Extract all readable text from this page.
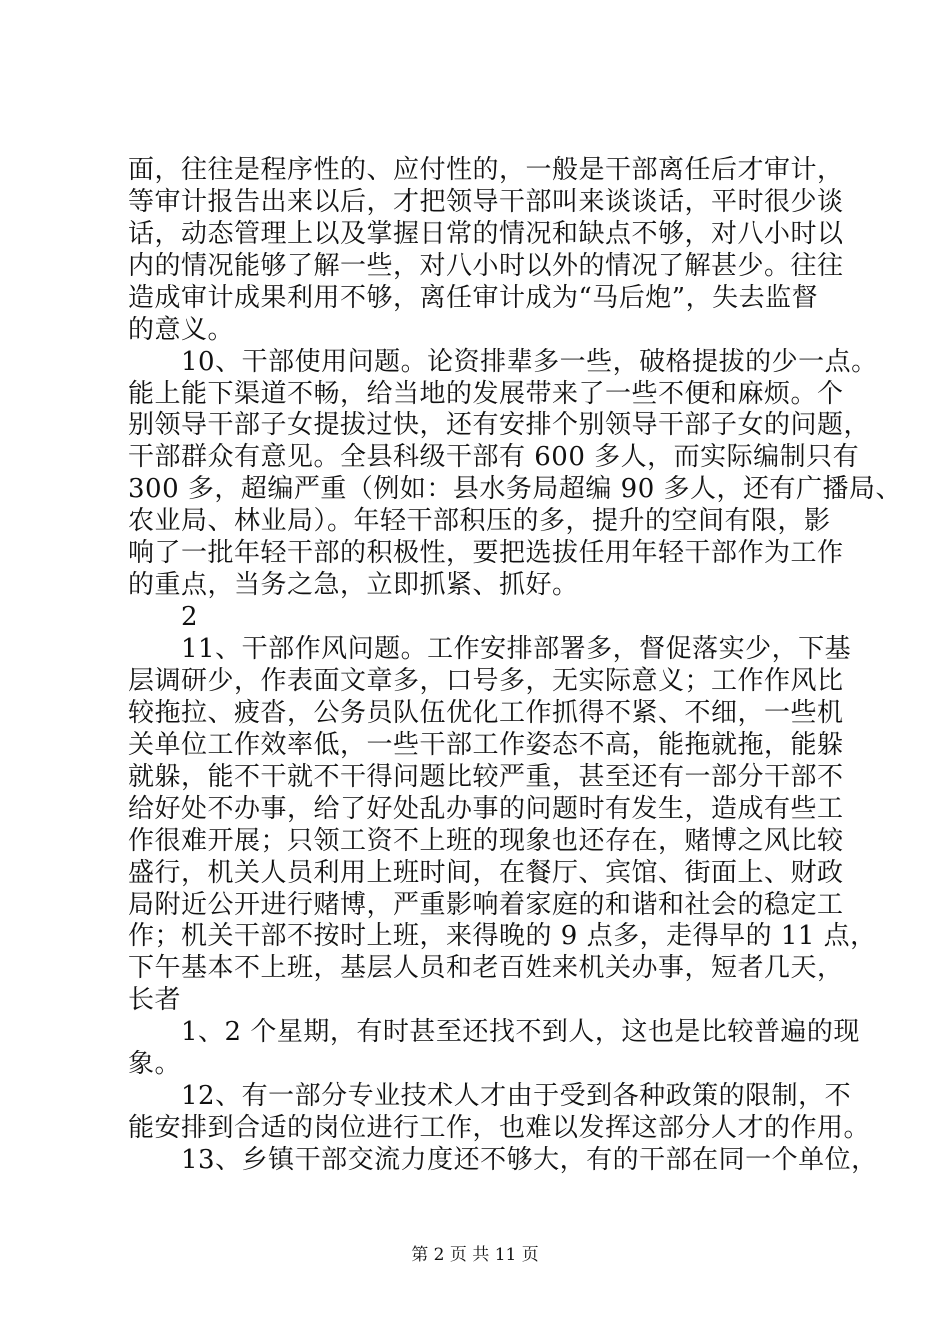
面，往往是程序性的、应付性的，一般是干部离任后才审计，
等审计报告出来以后，才把领导干部叫来谈谈话，平时很少谈
话，动态管理上以及掌握日常的情况和缺点不够，对八小时以
内的情况能够了解一些，对八小时以外的情况了解甚少。往往
造成审计成果利用不够，离任审计成为“马后炮”，失去监督
的意义。
　　10、干部使用问题。论资排辈多一些，破格提拔的少一点。
能上能下渠道不畅，给当地的发展带来了一些不便和麻烦。个
别领导干部子女提拔过快，还有安排个别领导干部子女的问题，
干部群众有意见。全县科级干部有 600 多人，而实际编制只有
300 多，超编严重（例如：县水务局超编 90 多人，还有广播局、
农业局、林业局）。年轻干部积压的多，提升的空间有限，影
响了一批年轻干部的积极性，要把选拔任用年轻干部作为工作
的重点，当务之急，立即抓紧、抓好。
　　2
　　11、干部作风问题。工作安排部署多，督促落实少，下基
层调研少，作表面文章多，口号多，无实际意义；工作作风比
较拖拉、疲沓，公务员队伍优化工作抓得不紧、不细，一些机
关单位工作效率低，一些干部工作姿态不高，能拖就拖，能躲
就躲，能不干就不干得问题比较严重，甚至还有一部分干部不
给好处不办事，给了好处乱办事的问题时有发生，造成有些工
作很难开展；只领工资不上班的现象也还存在，赌博之风比较
盛行，机关人员利用上班时间，在餐厅、宾馆、街面上、财政
局附近公开进行赌博，严重影响着家庭的和谐和社会的稳定工
作；机关干部不按时上班，来得晚的 9 点多，走得早的 11 点，
下午基本不上班，基层人员和老百姓来机关办事，短者几天，
长者
　　1、2 个星期，有时甚至还找不到人，这也是比较普遍的现
象。
　　12、有一部分专业技术人才由于受到各种政策的限制，不
能安排到合适的岗位进行工作，也难以发挥这部分人才的作用。
　　13、乡镇干部交流力度还不够大，有的干部在同一个单位，
第 2 页 共 11 页
